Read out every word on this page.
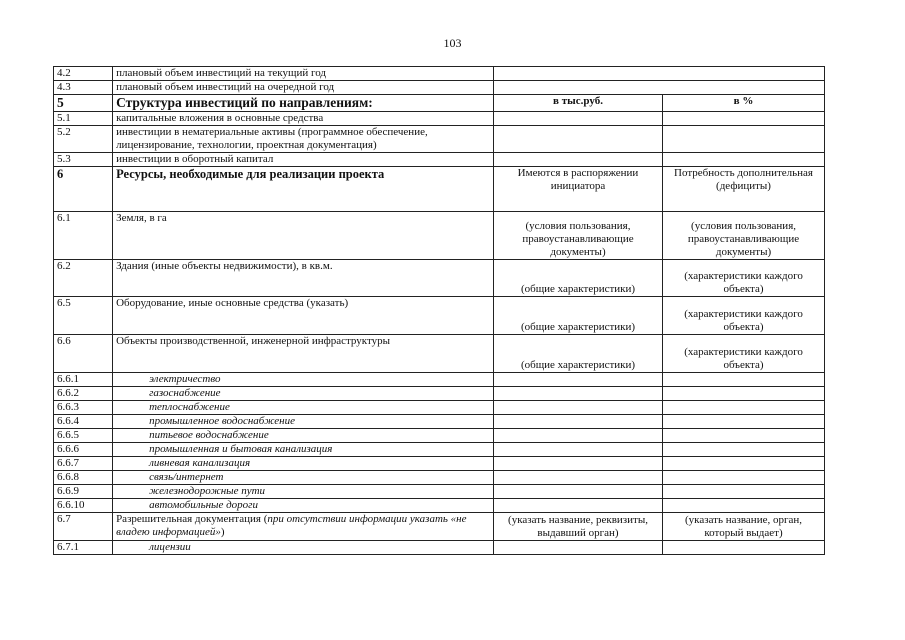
103
4.2	плановый объем инвестиций на текущий год		
4.3	плановый объем инвестиций на очередной год		
5	Структура инвестиций по направлениям:	в тыс.руб.	в %
5.1	капитальные вложения в основные средства		
5.2	инвестиции в нематериальные активы (программное обеспечение, лицензирование, технологии, проектная документация)		
5.3	инвестиции в оборотный капитал		
6	Ресурсы, необходимые для реализации проекта	Имеются в распоряжении инициатора	Потребность дополнительная (дефициты)
6.1	Земля, в га	(условия пользования, правоустанавливающие документы)	(условия пользования, правоустанавливающие документы)
6.2	Здания (иные объекты недвижимости), в кв.м.	(общие характеристики)	(характеристики каждого объекта)
6.5	Оборудование, иные основные средства (указать)	(общие характеристики)	(характеристики каждого объекта)
6.6	Объекты производственной, инженерной инфраструктуры	(общие характеристики)	(характеристики каждого объекта)
6.6.1	электричество		
6.6.2	газоснабжение		
6.6.3	теплоснабжение		
6.6.4	промышленное водоснабжение		
6.6.5	питьевое водоснабжение		
6.6.6	промышленная и бытовая канализация		
6.6.7	ливневая канализация		
6.6.8	связь/интернет		
6.6.9	железнодорожные пути		
6.6.10	автомобильные дороги		
6.7	Разрешительная документация (при отсутствии информации указать «не владею информацией»)	(указать название, реквизиты, выдавший орган)	(указать название, орган, который выдает)
6.7.1	лицензии		
